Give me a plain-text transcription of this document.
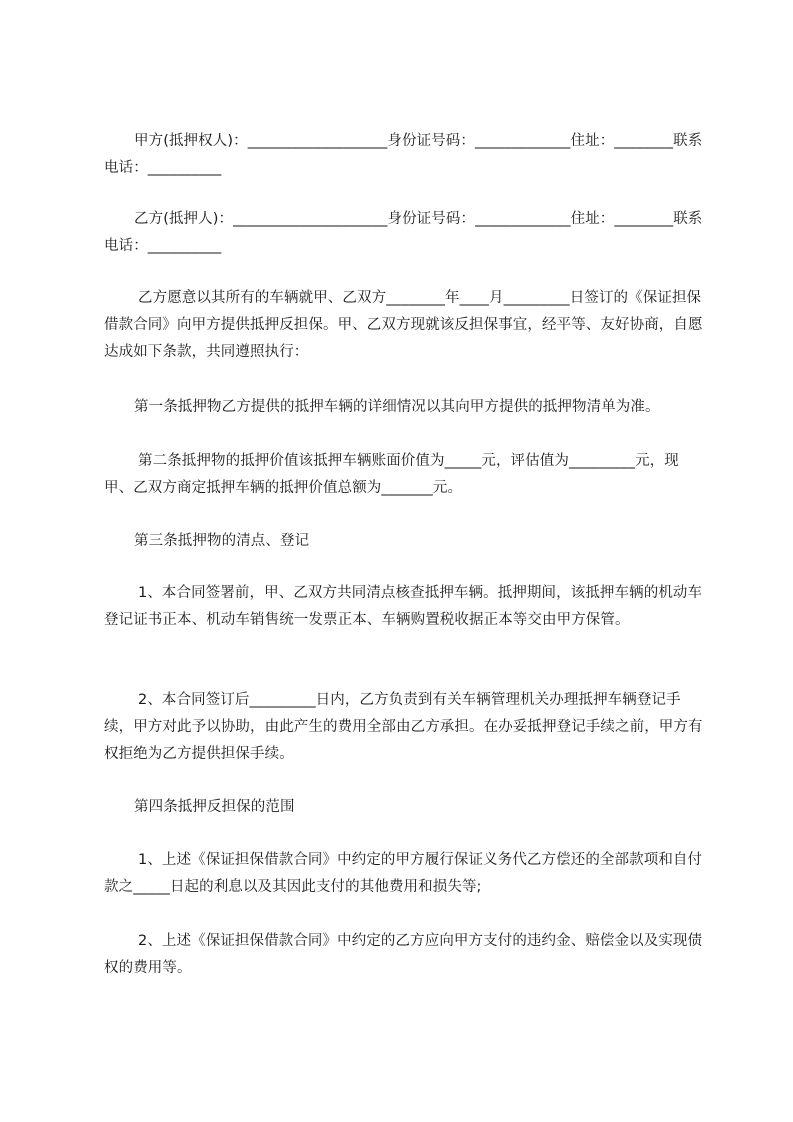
甲方(抵押权人)：___________________身份证号码：_____________住址：________联系电话：__________

乙方(抵押人)：_____________________身份证号码：_____________住址：________联系电话：__________

乙方愿意以其所有的车辆就甲、乙双方________年____月_________日签订的《保证担保借款合同》向甲方提供抵押反担保。甲、乙双方现就该反担保事宜，经平等、友好协商，自愿达成如下条款，共同遵照执行：

第一条抵押物乙方提供的抵押车辆的详细情况以其向甲方提供的抵押物清单为准。

第二条抵押物的抵押价值该抵押车辆账面价值为_____元，评估值为_________元，现甲、乙双方商定抵押车辆的抵押价值总额为_______元。

第三条抵押物的清点、登记

1、本合同签署前，甲、乙双方共同清点核查抵押车辆。抵押期间，该抵押车辆的机动车登记证书正本、机动车销售统一发票正本、车辆购置税收据正本等交由甲方保管。

2、本合同签订后_________日内，乙方负责到有关车辆管理机关办理抵押车辆登记手续，甲方对此予以协助，由此产生的费用全部由乙方承担。在办妥抵押登记手续之前，甲方有权拒绝为乙方提供担保手续。

第四条抵押反担保的范围

1、上述《保证担保借款合同》中约定的甲方履行保证义务代乙方偿还的全部款项和自付款之_____日起的利息以及其因此支付的其他费用和损失等;

2、上述《保证担保借款合同》中约定的乙方应向甲方支付的违约金、赔偿金以及实现债权的费用等。
